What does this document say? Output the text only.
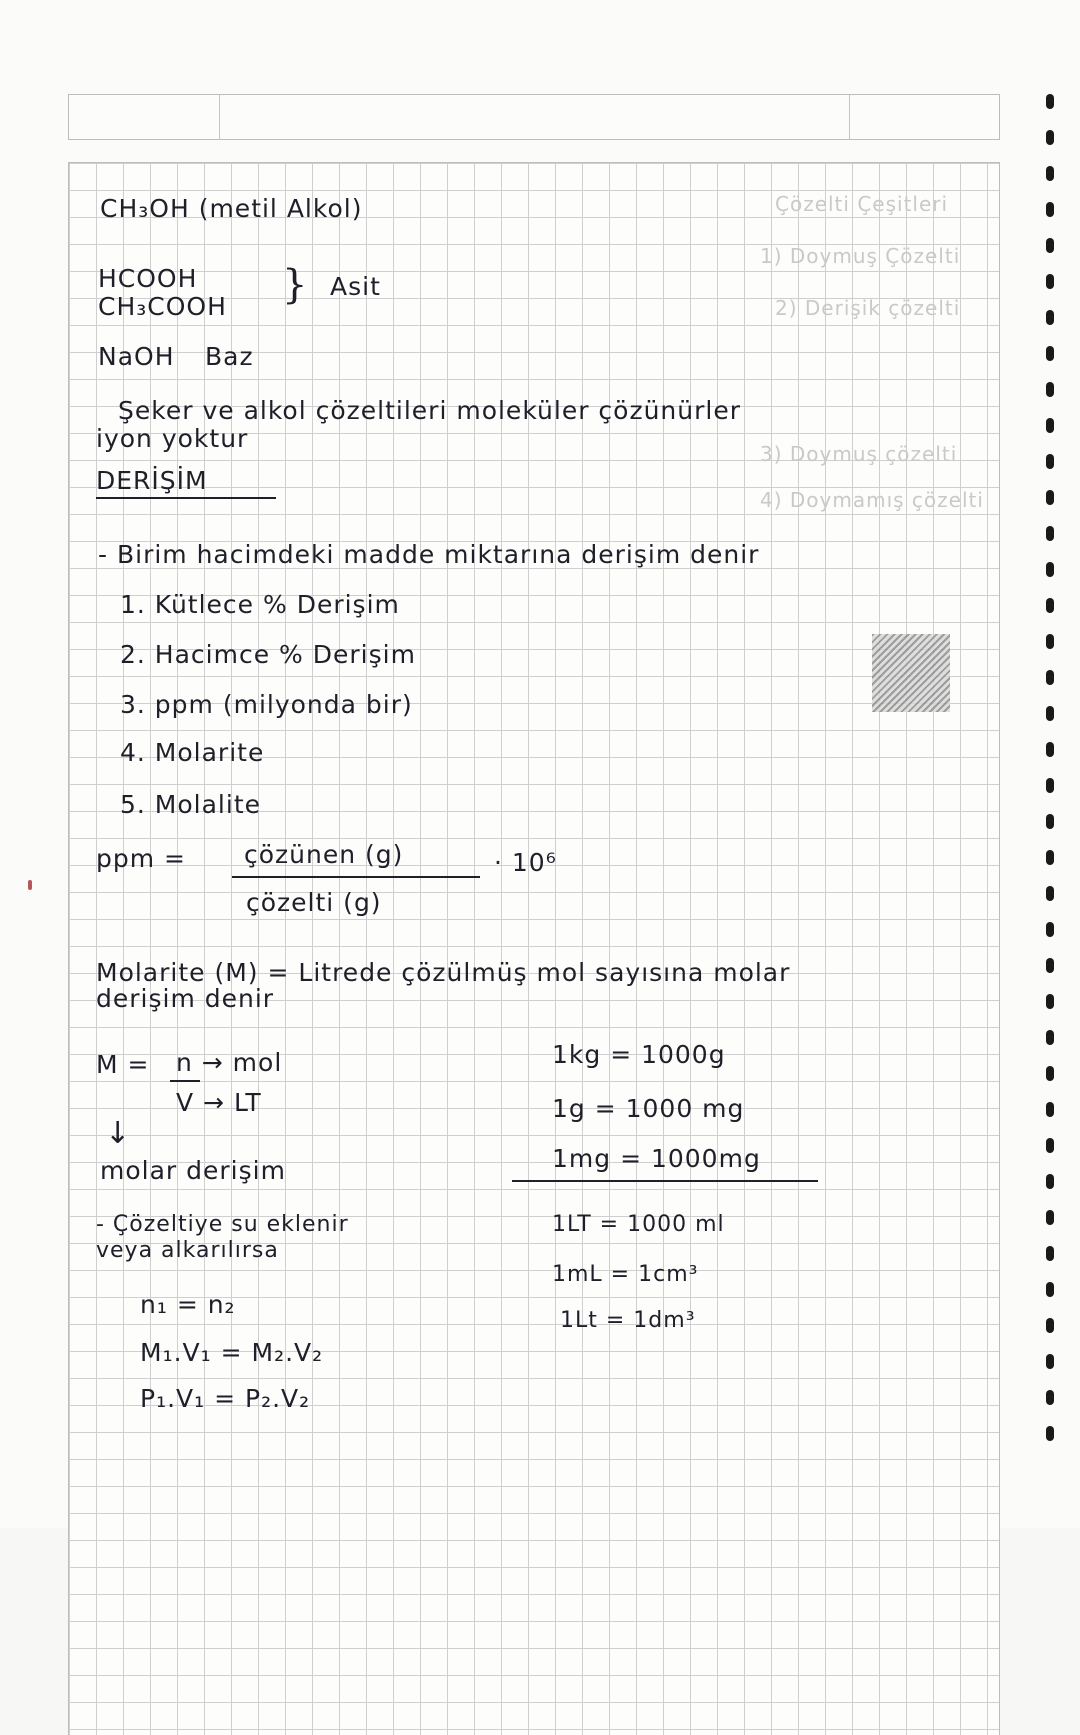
Çözelti Çeşitleri
1) Doymuş Çözelti
2) Derişik çözelti
3) Doymuş çözelti
4) Doymamış çözelti
CH₃OH (metil Alkol)
HCOOH
CH₃COOH } Asit
NaOH Baz
Şeker ve alkol çözeltileri moleküler çözünürler
iyon yoktur
DERİŞİM
- Birim hacimdeki madde miktarına derişim denir
1. Kütlece % Derişim
2. Hacimce % Derişim
3. ppm (milyonda bir)
4. Molarite
5. Molalite
ppm = çözünen (g)
çözelti (g)
· 10⁶
Molarite (M) = Litrede çözülmüş mol sayısına molar
derişim denir
M = n → mol
V → LT
↓
molar derişim
- Çözeltiye su eklenir
veya alkarılırsa
n₁ = n₂
M₁.V₁ = M₂.V₂
P₁.V₁ = P₂.V₂
1kg = 1000g
1g = 1000 mg
1mg = 1000mg
1LT = 1000 ml
1mL = 1cm³
1Lt = 1dm³
